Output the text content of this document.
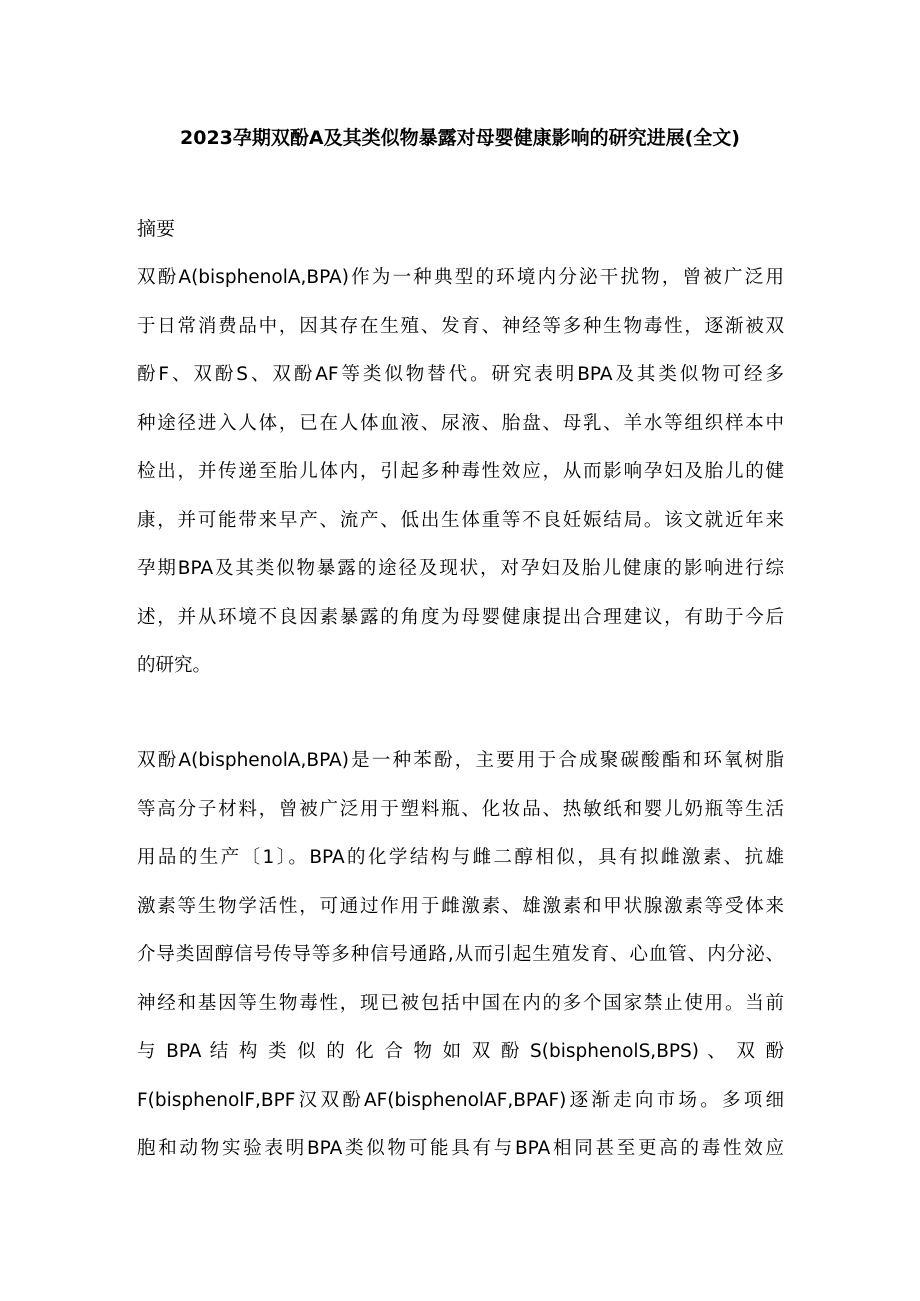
2023孕期双酚A及其类似物暴露对母婴健康影响的研究进展(全文)
摘要
双酚A(bisphenolA,BPA)作为一种典型的环境内分泌干扰物，曾被广泛用
于日常消费品中，因其存在生殖、发育、神经等多种生物毒性，逐渐被双
酚F、双酚S、双酚AF等类似物替代。研究表明BPA及其类似物可经多
种途径进入人体，已在人体血液、尿液、胎盘、母乳、羊水等组织样本中
检出，并传递至胎儿体内，引起多种毒性效应，从而影响孕妇及胎儿的健
康，并可能带来早产、流产、低出生体重等不良妊娠结局。该文就近年来
孕期BPA及其类似物暴露的途径及现状，对孕妇及胎儿健康的影响进行综
述，并从环境不良因素暴露的角度为母婴健康提出合理建议，有助于今后
的研究。
双酚A(bisphenolA,BPA)是一种苯酚，主要用于合成聚碳酸酯和环氧树脂
等高分子材料，曾被广泛用于塑料瓶、化妆品、热敏纸和婴儿奶瓶等生活
用品的生产〔1〕。BPA的化学结构与雌二醇相似，具有拟雌激素、抗雄
激素等生物学活性，可通过作用于雌激素、雄激素和甲状腺激素等受体来
介导类固醇信号传导等多种信号通路,从而引起生殖发育、心血管、内分泌、
神经和基因等生物毒性，现已被包括中国在内的多个国家禁止使用。当前
与 BPA 结 构 类 似 的 化 合 物 如 双 酚 S(bisphenolS,BPS) 、 双 酚
F(bisphenolF,BPF汉双酚AF(bisphenolAF,BPAF)逐渐走向市场。多项细
胞和动物实验表明BPA类似物可能具有与BPA相同甚至更高的毒性效应
